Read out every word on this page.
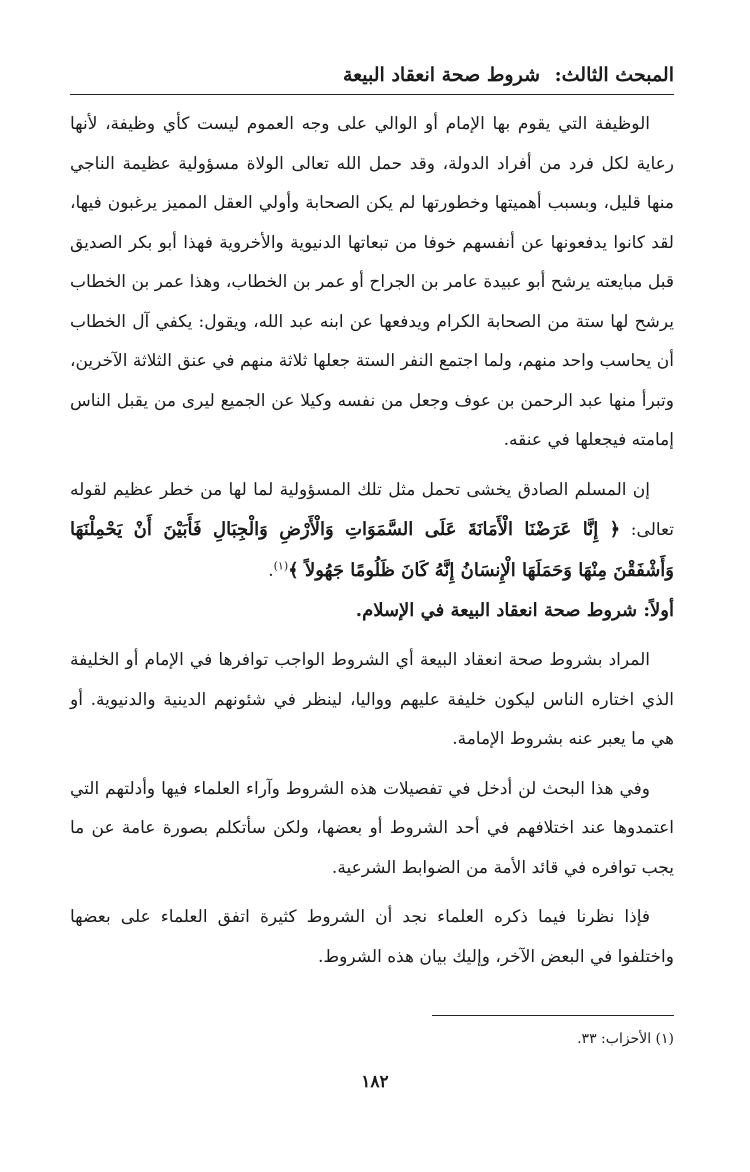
المبحث الثالث: شروط صحة انعقاد البيعة

الوظيفة التي يقوم بها الإمام أو الوالي على وجه العموم ليست كأي وظيفة، لأنها رعاية لكل فرد من أفراد الدولة، وقد حمل الله تعالى الولاة مسؤولية عظيمة الناجي منها قليل، وبسبب أهميتها وخطورتها لم يكن الصحابة وأولي العقل المميز يرغبون فيها، لقد كانوا يدفعونها عن أنفسهم خوفا من تبعاتها الدنيوية والأخروية فهذا أبو بكر الصديق قبل مبايعته يرشح أبو عبيدة عامر بن الجراح أو عمر بن الخطاب، وهذا عمر بن الخطاب يرشح لها ستة من الصحابة الكرام ويدفعها عن ابنه عبد الله، ويقول: يكفي آل الخطاب أن يحاسب واحد منهم، ولما اجتمع النفر الستة جعلها ثلاثة منهم في عنق الثلاثة الآخرين، وتبرأ منها عبد الرحمن بن عوف وجعل من نفسه وكيلا عن الجميع ليرى من يقبل الناس إمامته فيجعلها في عنقه.

إن المسلم الصادق يخشى تحمل مثل تلك المسؤولية لما لها من خطر عظيم لقوله تعالى: ﴿ إِنَّا عَرَضْنَا الْأَمَانَةَ عَلَى السَّمَوَاتِ وَالْأَرْضِ وَالْجِبَالِ فَأَبَيْنَ أَنْ يَحْمِلْنَهَا وَأَشْفَقْنَ مِنْهَا وَحَمَلَهَا الْإِنسَانُ إِنَّهُ كَانَ ظَلُومًا جَهُولاً ﴾$^{(١)}$.

أولاً: شروط صحة انعقاد البيعة في الإسلام.

المراد بشروط صحة انعقاد البيعة أي الشروط الواجب توافرها في الإمام أو الخليفة الذي اختاره الناس ليكون خليفة عليهم وواليا، لينظر في شئونهم الدينية والدنيوية. أو هي ما يعبر عنه بشروط الإمامة.

وفي هذا البحث لن أدخل في تفصيلات هذه الشروط وآراء العلماء فيها وأدلتهم التي اعتمدوها عند اختلافهم في أحد الشروط أو بعضها، ولكن سأتكلم بصورة عامة عن ما يجب توافره في قائد الأمة من الضوابط الشرعية.

فإذا نظرنا فيما ذكره العلماء نجد أن الشروط كثيرة اتفق العلماء على بعضها واختلفوا في البعض الآخر، وإليك بيان هذه الشروط.

(١) الأحزاب: ٣٣.
١٨٢
